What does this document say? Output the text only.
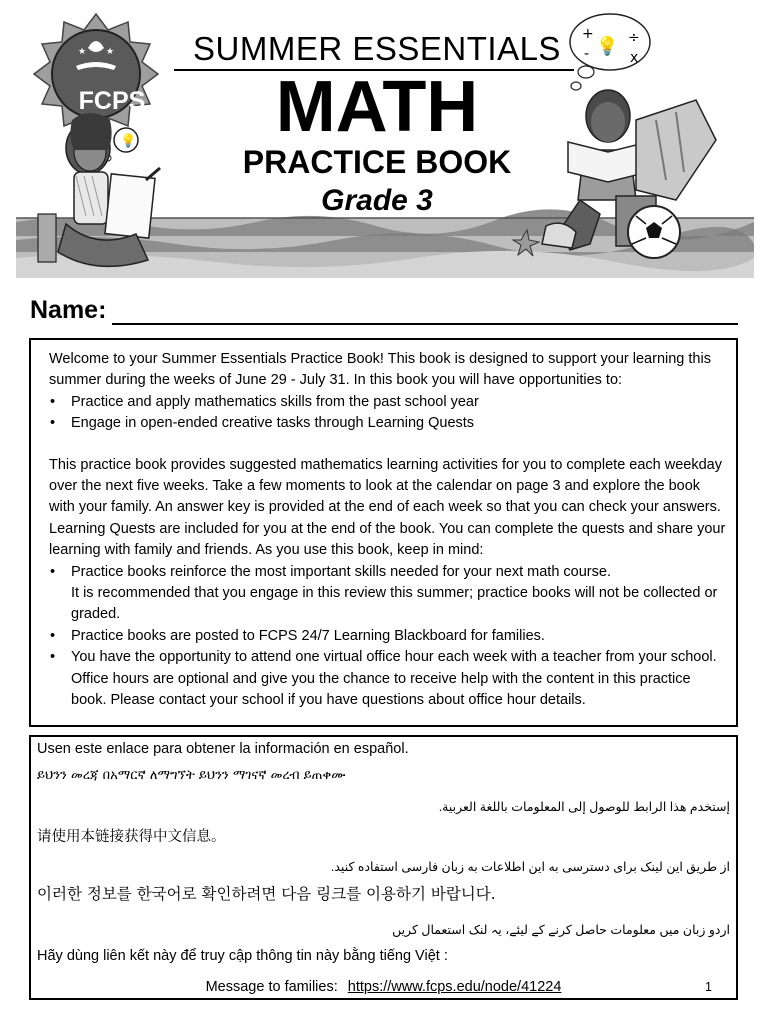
★ ★
💡
+
- 💡 ÷
x
FCPS
SUMMER ESSENTIALS
MATH
PRACTICE BOOK
Grade 3
Name:

Welcome to your Summer Essentials Practice Book! This book is designed to support your learning this summer during the weeks of June 29 - July 31. In this book you will have opportunities to:

• Practice and apply mathematics skills from the past school year
• Engage in open-ended creative tasks through Learning Quests

This practice book provides suggested mathematics learning activities for you to complete each weekday over the next five weeks. Take a few moments to look at the calendar on page 3 and explore the book with your family. An answer key is provided at the end of each week so that you can check your answers. Learning Quests are included for you at the end of the book. You can complete the quests and share your learning with family and friends. As you use this book, keep in mind:

• Practice books reinforce the most important skills needed for your next math course.
It is recommended that you engage in this review this summer; practice books will not be collected or graded.
• Practice books are posted to FCPS 24/7 Learning Blackboard for families.
• You have the opportunity to attend one virtual office hour each week with a teacher from your school. Office hours are optional and give you the chance to receive help with the content in this practice book. Please contact your school if you have questions about office hour details.
Usen este enlace para obtener la información en español.
ይህንን መረጃ በአማርኛ ለማግኘት ይህንን ማገናኛ መረብ ይጠቀሙ
إستخدم هذا الرابط للوصول إلى المعلومات باللغة العربية.
请使用本链接获得中文信息。
از طریق این لینک برای دسترسی به این اطلاعات به زبان فارسی استفاده کنید.
이러한 정보를 한국어로 확인하려면 다음 링크를 이용하기 바랍니다.
اردو زبان میں معلومات حاصل کرنے کے لیئے، یہ لنک استعمال کریں
Hãy dùng liên kết này để truy cập thông tin này bằng tiếng Việt :
Message to families: https://www.fcps.edu/node/41224	1
